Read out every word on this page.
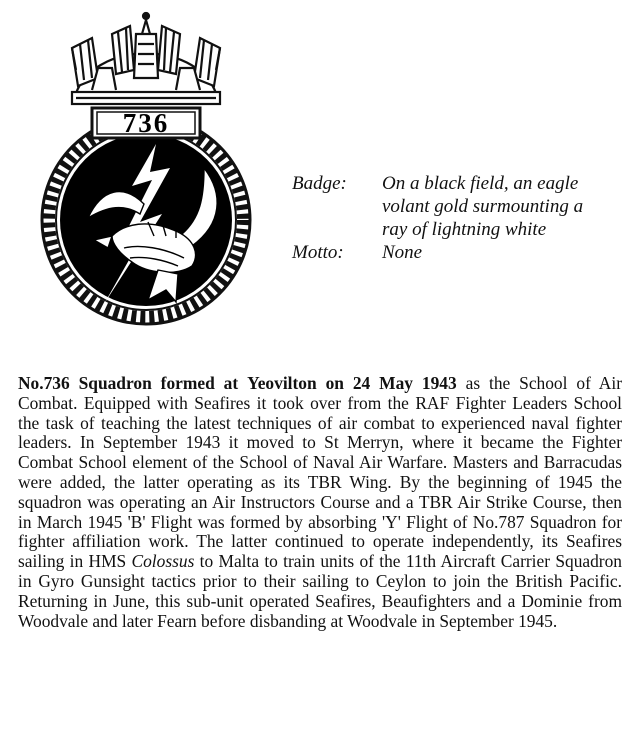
736
Badge:	On a black field, an eagle
volant gold surmounting a
ray of lightning white
Motto:	None

No.736 Squadron formed at Yeovilton on 24 May 1943 as the School of Air Combat. Equipped with Seafires it took over from the RAF Fighter Leaders School the task of teaching the latest techniques of air combat to experienced naval fighter leaders. In September 1943 it moved to St Merryn, where it became the Fighter Combat School element of the School of Naval Air Warfare. Masters and Barracudas were added, the latter operating as its TBR Wing. By the beginning of 1945 the squadron was operating an Air Instructors Course and a TBR Air Strike Course, then in March 1945 'B' Flight was formed by absorbing 'Y' Flight of No.787 Squadron for fighter affiliation work. The latter continued to operate independently, its Seafires sailing in HMS Colossus to Malta to train units of the 11th Aircraft Carrier Squadron in Gyro Gunsight tactics prior to their sailing to Ceylon to join the British Pacific. Returning in June, this sub-unit operated Seafires, Beaufighters and a Dominie from Woodvale and later Fearn before disbanding at Woodvale in September 1945.
